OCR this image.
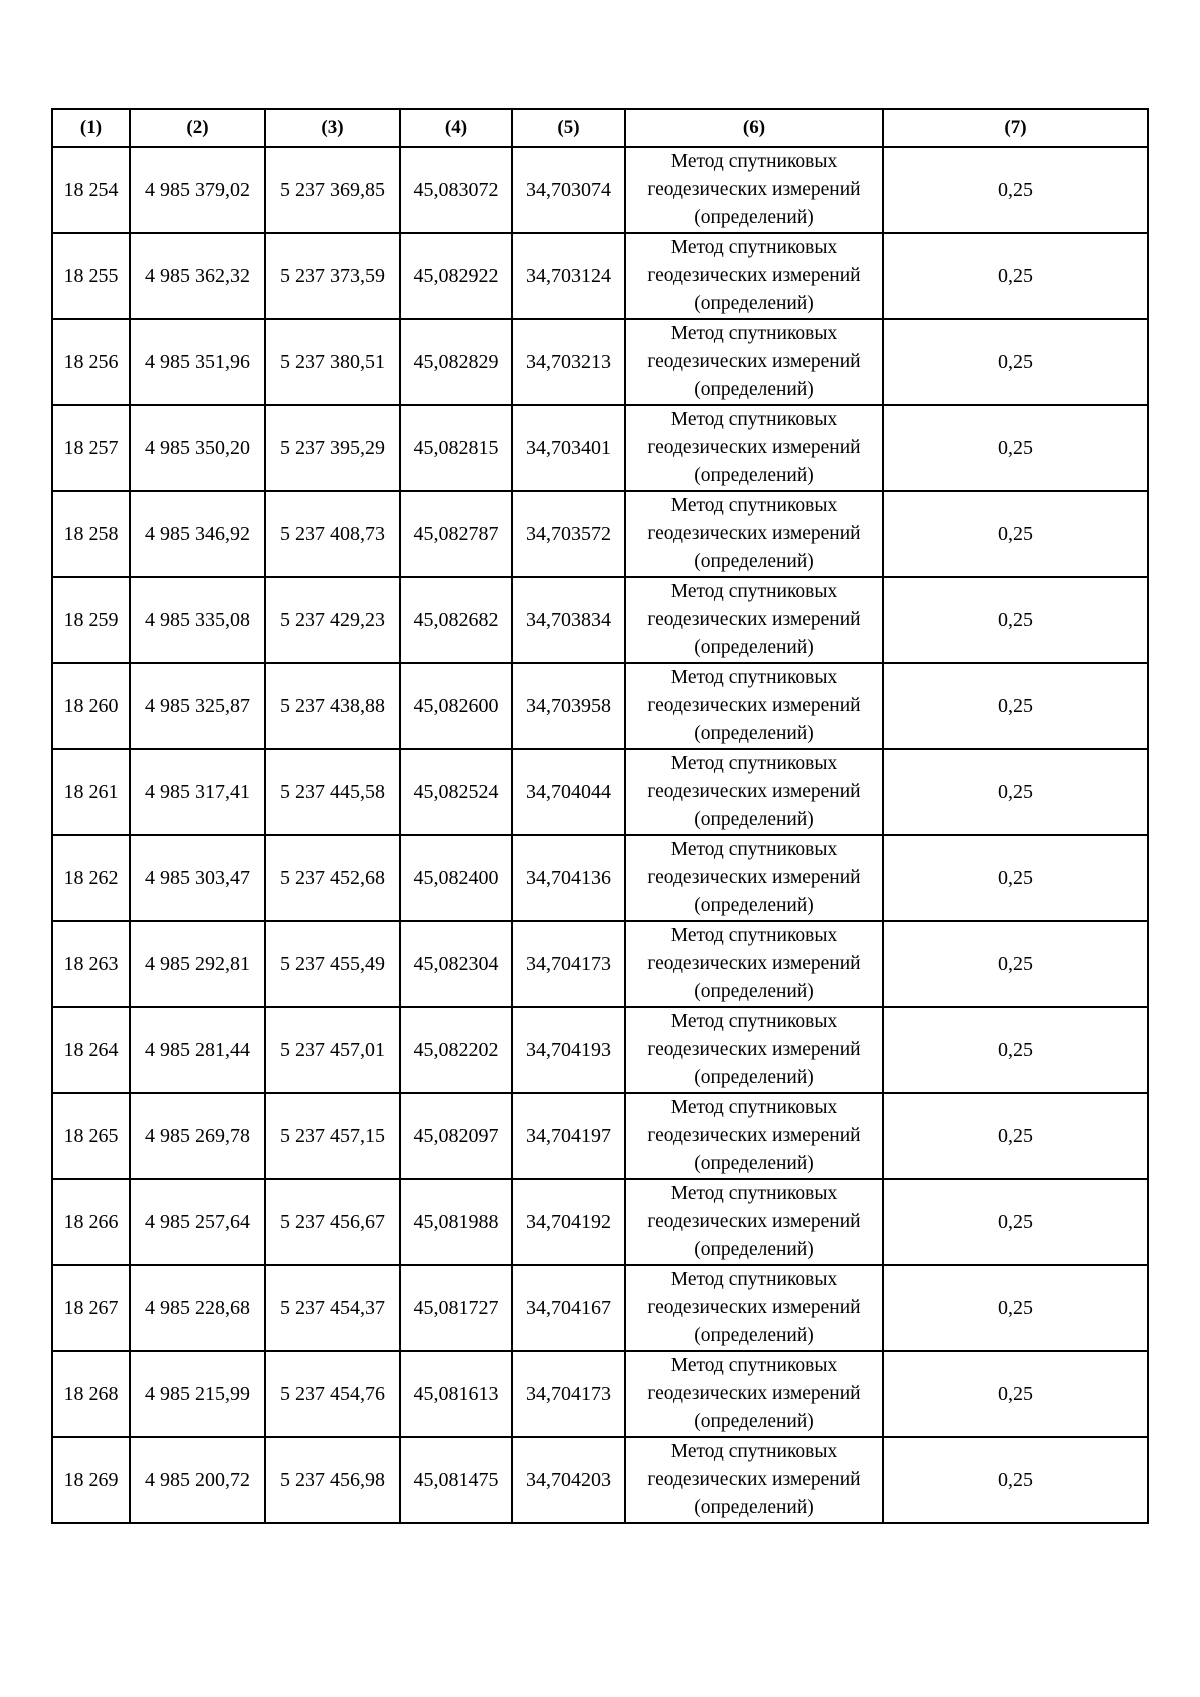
(1)	(2)	(3)	(4)	(5)	(6)	(7)
18 254	4 985 379,02	5 237 369,85	45,083072	34,703074	Метод спутниковых
геодезических измерений
(определений)	0,25
18 255	4 985 362,32	5 237 373,59	45,082922	34,703124	Метод спутниковых
геодезических измерений
(определений)	0,25
18 256	4 985 351,96	5 237 380,51	45,082829	34,703213	Метод спутниковых
геодезических измерений
(определений)	0,25
18 257	4 985 350,20	5 237 395,29	45,082815	34,703401	Метод спутниковых
геодезических измерений
(определений)	0,25
18 258	4 985 346,92	5 237 408,73	45,082787	34,703572	Метод спутниковых
геодезических измерений
(определений)	0,25
18 259	4 985 335,08	5 237 429,23	45,082682	34,703834	Метод спутниковых
геодезических измерений
(определений)	0,25
18 260	4 985 325,87	5 237 438,88	45,082600	34,703958	Метод спутниковых
геодезических измерений
(определений)	0,25
18 261	4 985 317,41	5 237 445,58	45,082524	34,704044	Метод спутниковых
геодезических измерений
(определений)	0,25
18 262	4 985 303,47	5 237 452,68	45,082400	34,704136	Метод спутниковых
геодезических измерений
(определений)	0,25
18 263	4 985 292,81	5 237 455,49	45,082304	34,704173	Метод спутниковых
геодезических измерений
(определений)	0,25
18 264	4 985 281,44	5 237 457,01	45,082202	34,704193	Метод спутниковых
геодезических измерений
(определений)	0,25
18 265	4 985 269,78	5 237 457,15	45,082097	34,704197	Метод спутниковых
геодезических измерений
(определений)	0,25
18 266	4 985 257,64	5 237 456,67	45,081988	34,704192	Метод спутниковых
геодезических измерений
(определений)	0,25
18 267	4 985 228,68	5 237 454,37	45,081727	34,704167	Метод спутниковых
геодезических измерений
(определений)	0,25
18 268	4 985 215,99	5 237 454,76	45,081613	34,704173	Метод спутниковых
геодезических измерений
(определений)	0,25
18 269	4 985 200,72	5 237 456,98	45,081475	34,704203	Метод спутниковых
геодезических измерений
(определений)	0,25
